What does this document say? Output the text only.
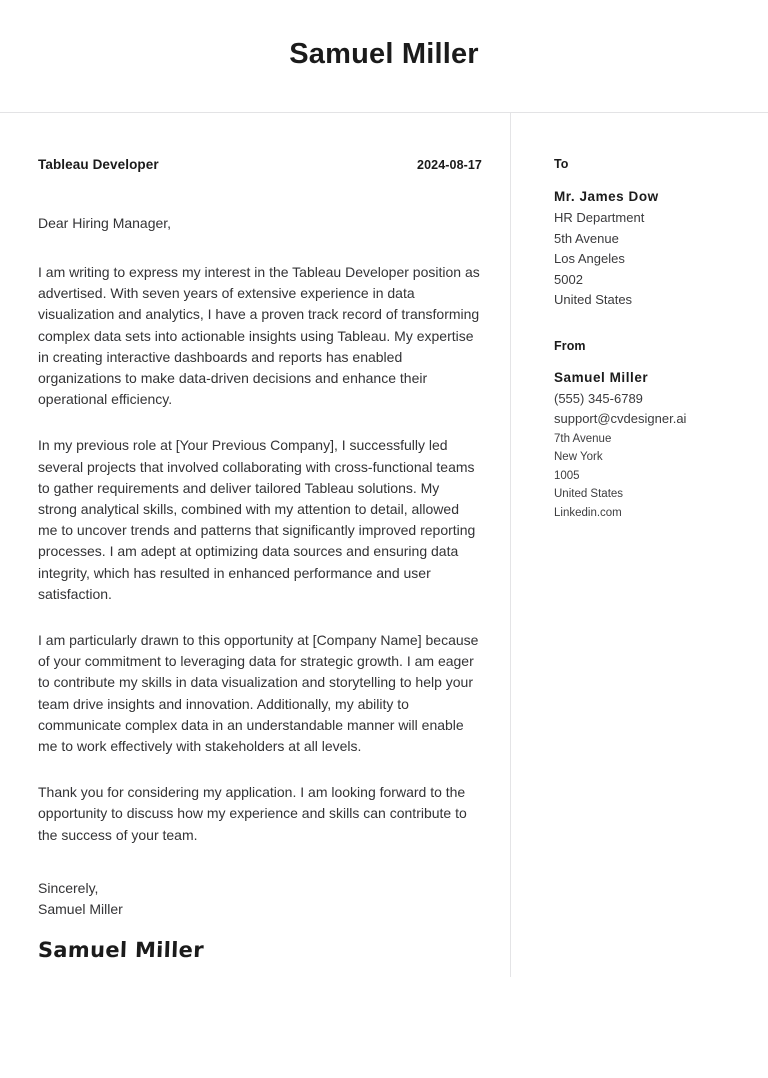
Samuel Miller
Tableau Developer	2024-08-17

Dear Hiring Manager,

I am writing to express my interest in the Tableau Developer position as advertised. With seven years of extensive experience in data visualization and analytics, I have a proven track record of transforming complex data sets into actionable insights using Tableau. My expertise in creating interactive dashboards and reports has enabled organizations to make data-driven decisions and enhance their operational efficiency.

In my previous role at [Your Previous Company], I successfully led several projects that involved collaborating with cross-functional teams to gather requirements and deliver tailored Tableau solutions. My strong analytical skills, combined with my attention to detail, allowed me to uncover trends and patterns that significantly improved reporting processes. I am adept at optimizing data sources and ensuring data integrity, which has resulted in enhanced performance and user satisfaction.

I am particularly drawn to this opportunity at [Company Name] because of your commitment to leveraging data for strategic growth. I am eager to contribute my skills in data visualization and storytelling to help your team drive insights and innovation. Additionally, my ability to communicate complex data in an understandable manner will enable me to work effectively with stakeholders at all levels.

Thank you for considering my application. I am looking forward to the opportunity to discuss how my experience and skills can contribute to the success of your team.

Sincerely,
Samuel Miller
Samuel Miller
To
Mr. James Dow
HR Department
5th Avenue
Los Angeles
5002
United States
From
Samuel Miller
(555) 345-6789
support@cvdesigner.ai
7th Avenue
New York
1005
United States
Linkedin.com
